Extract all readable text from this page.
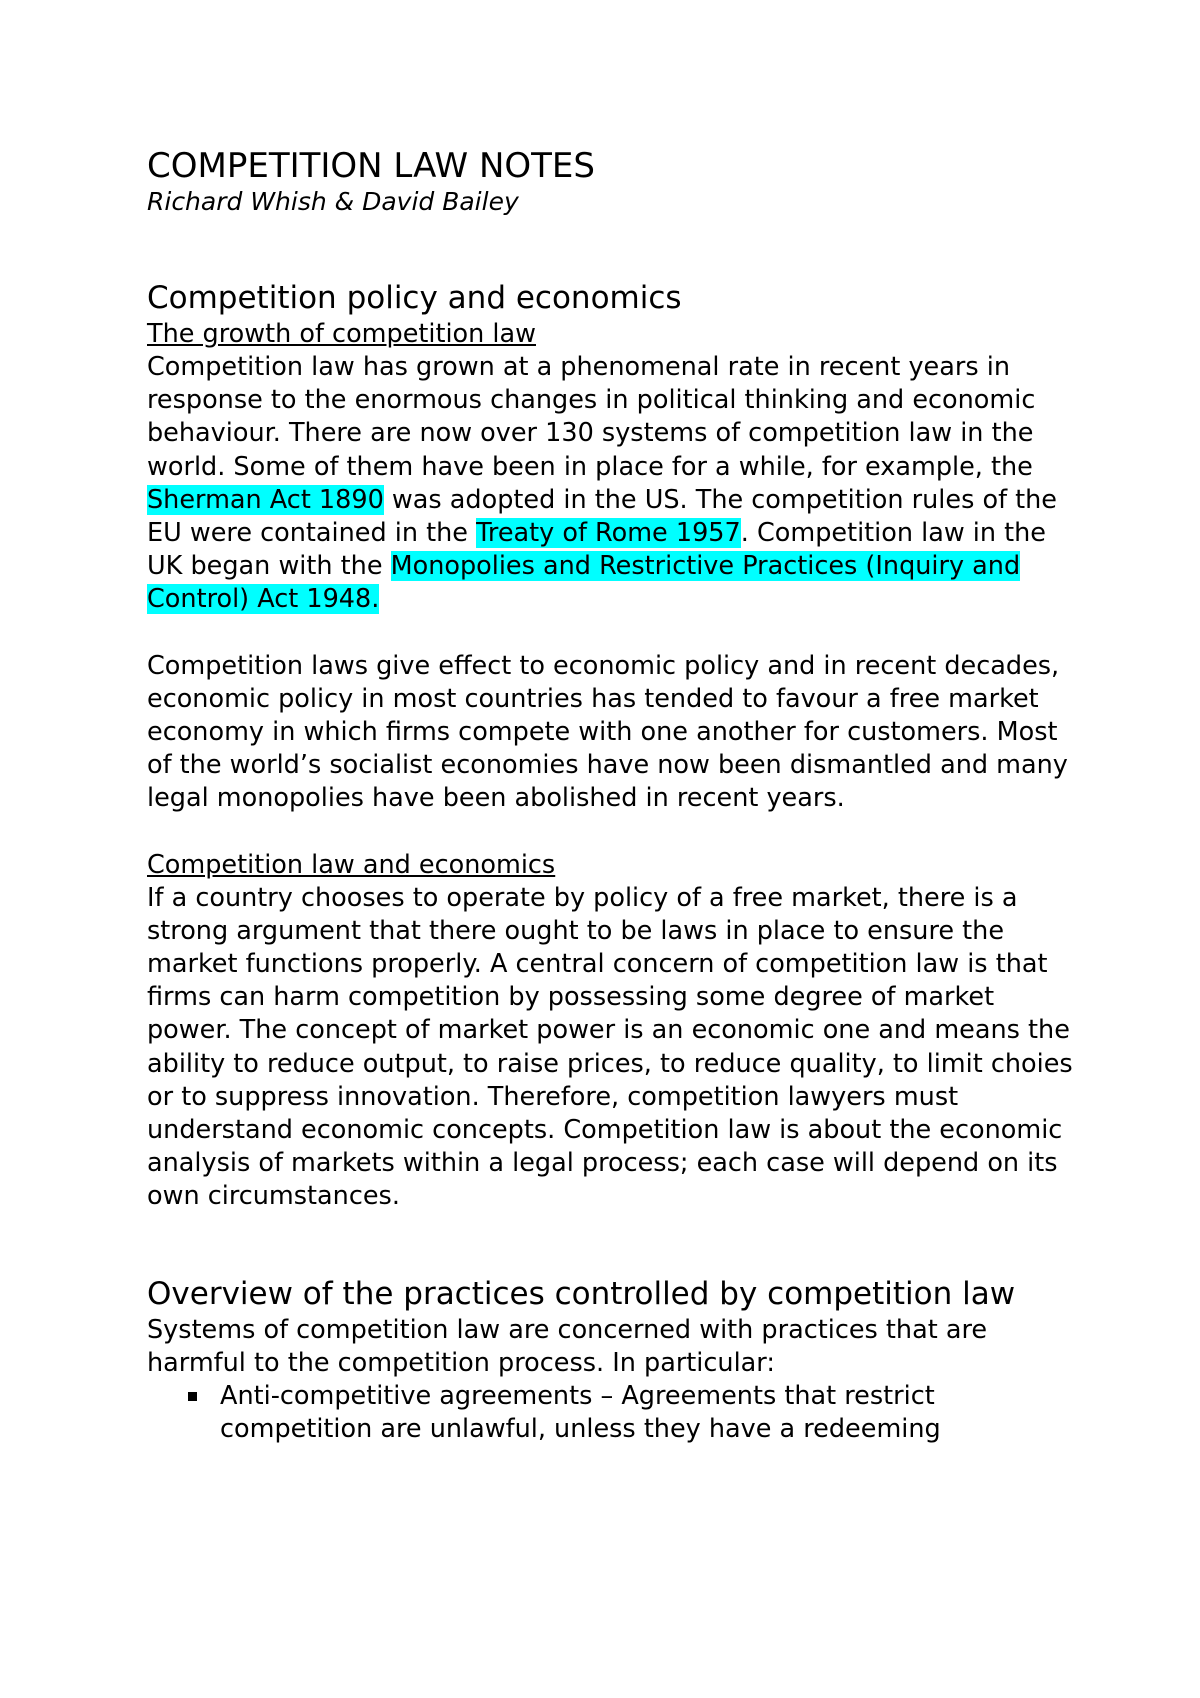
COMPETITION LAW NOTES

Richard Whish & David Bailey

Competition policy and economics

The growth of competition law

Competition law has grown at a phenomenal rate in recent years in response to the enormous changes in political thinking and economic behaviour. There are now over 130 systems of competition law in the world. Some of them have been in place for a while, for example, the Sherman Act 1890 was adopted in the US. The competition rules of the EU were contained in the Treaty of Rome 1957. Competition law in the UK began with the Monopolies and Restrictive Practices (Inquiry and Control) Act 1948.

Competition laws give effect to economic policy and in recent decades, economic policy in most countries has tended to favour a free market economy in which firms compete with one another for customers. Most of the world’s socialist economies have now been dismantled and many legal monopolies have been abolished in recent years.

Competition law and economics

If a country chooses to operate by policy of a free market, there is a strong argument that there ought to be laws in place to ensure the market functions properly. A central concern of competition law is that firms can harm competition by possessing some degree of market power. The concept of market power is an economic one and means the ability to reduce output, to raise prices, to reduce quality, to limit choies or to suppress innovation. Therefore, competition lawyers must understand economic concepts. Competition law is about the economic analysis of markets within a legal process; each case will depend on its own circumstances.

Overview of the practices controlled by competition law

Systems of competition law are concerned with practices that are harmful to the competition process. In particular:

Anti-competitive agreements – Agreements that restrict competition are unlawful, unless they have a redeeming
